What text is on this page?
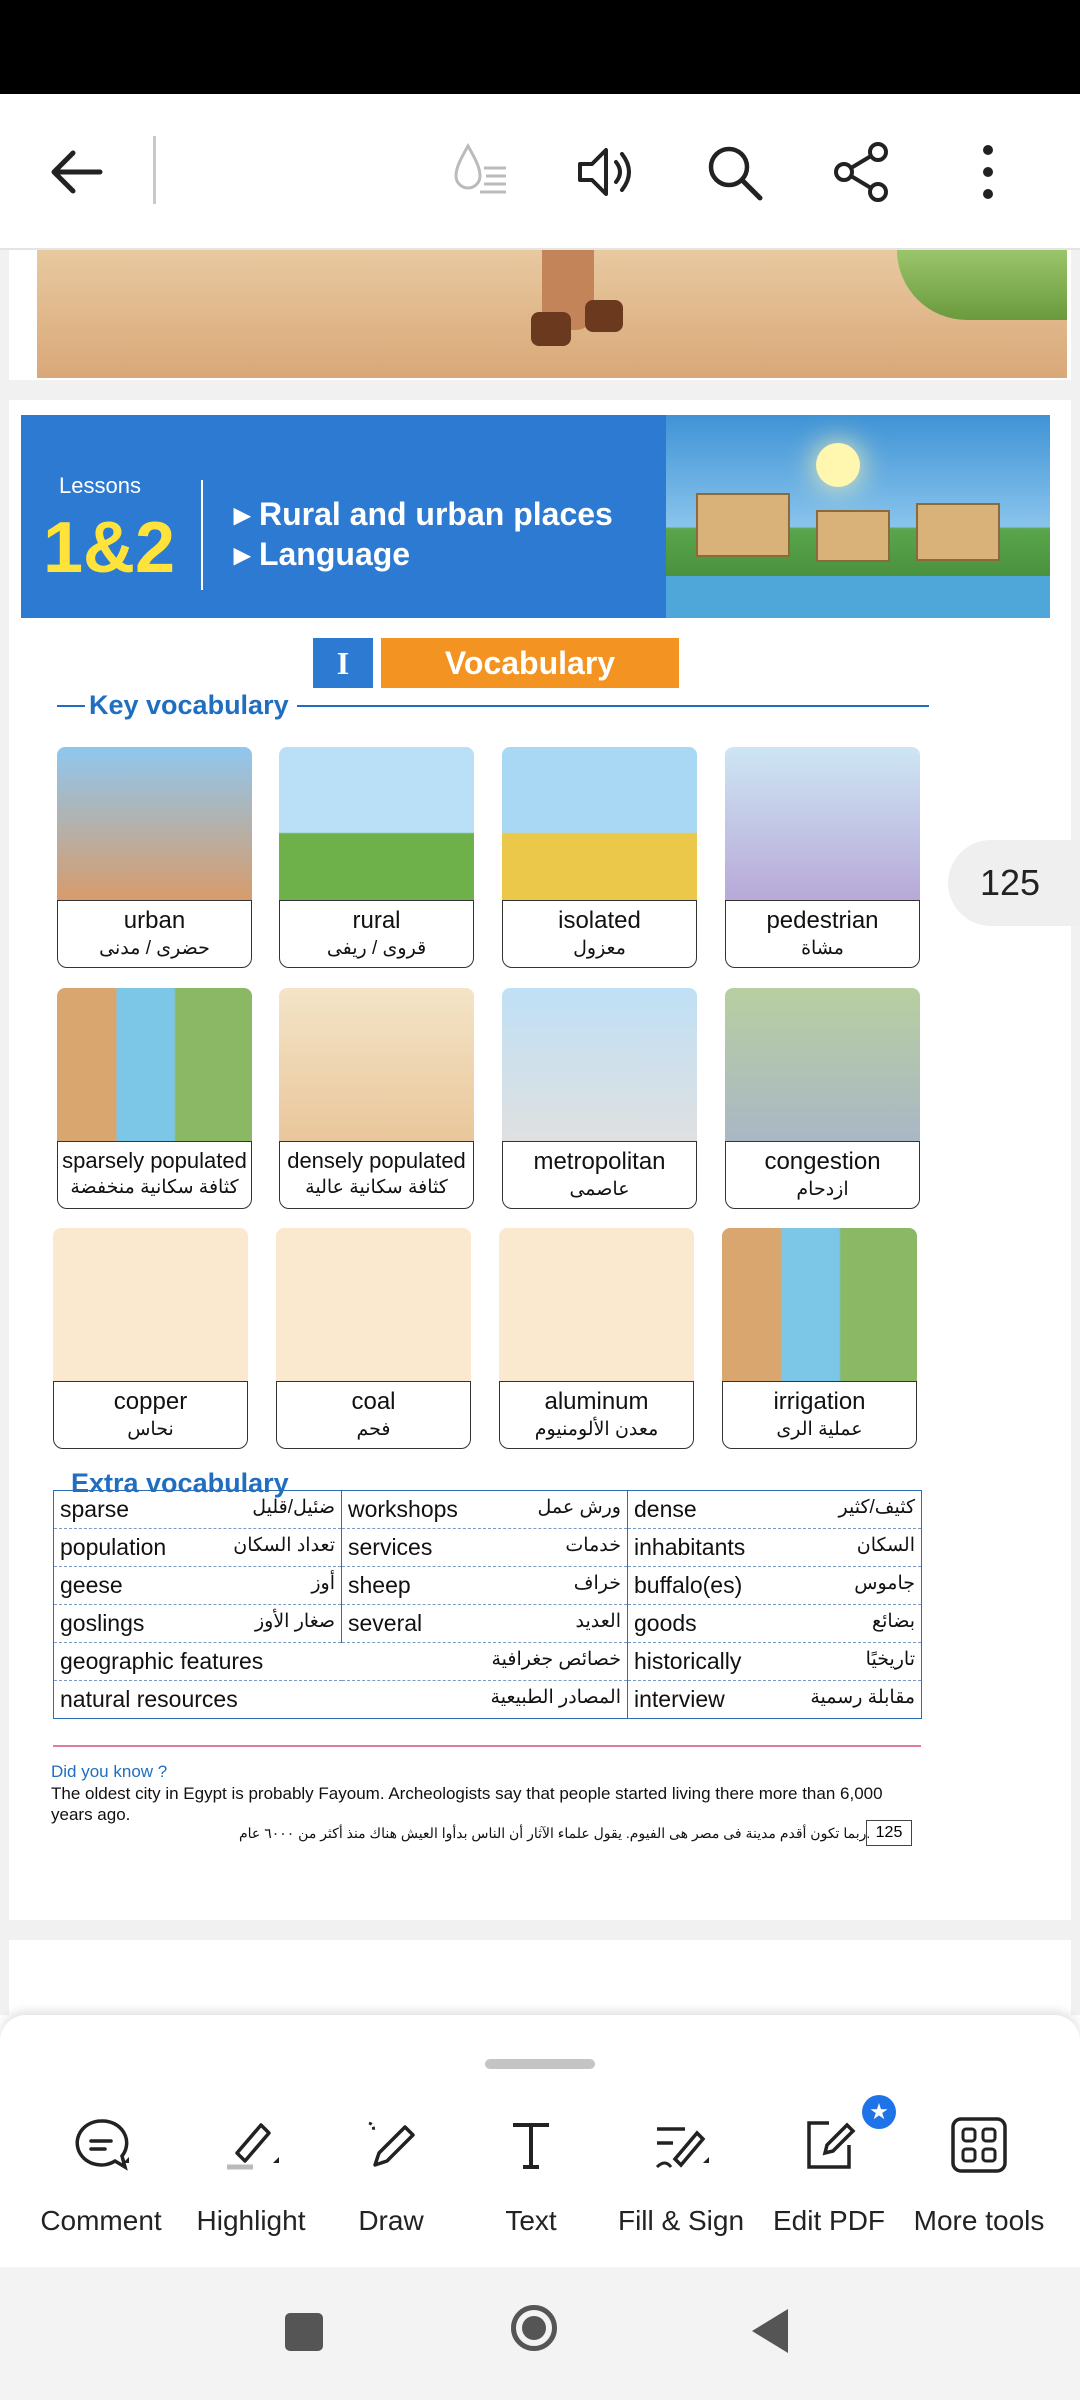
Lessons
1&2 ▸ Rural and urban places
▸ Language
I	Vocabulary
Key vocabulary
urban
حضرى / مدنى
rural
قروى / ريفى
isolated
معزول
pedestrian
مشاة
sparsely populated
كثافة سكانية منخفضة
densely populated
كثافة سكانية عالية
metropolitan
عاصمى
congestion
ازدحام
copper
نحاس
coal
فحم
aluminum
معدن الألومنيوم
irrigation
عملية الرى
Extra vocabulary
sparse ضئيل/قليل	workshops ورش عمل	dense كثيف/كثير

population تعداد السكان	services خدمات	inhabitants السكان

geese أوز	sheep خراف	buffalo(es) جاموس

goslings صغار الأوز	several العديد	goods بضائع

geographic features خصائص جغرافية		historically تاريخيًا

natural resources المصادر الطبيعية		interview مقابلة رسمية
Did you know ?
The oldest city in Egypt is probably Fayoum. Archeologists say that people started living there more than 6,000 years ago.
ربما تكون أقدم مدينة فى مصر هى الفيوم. يقول علماء الآثار أن الناس بدأوا العيش هناك منذ أكثر من ٦٠٠٠ عام. 125
125
Comment	Highlight	Draw	Text	Fill & Sign
★
Edit PDF	More tools
